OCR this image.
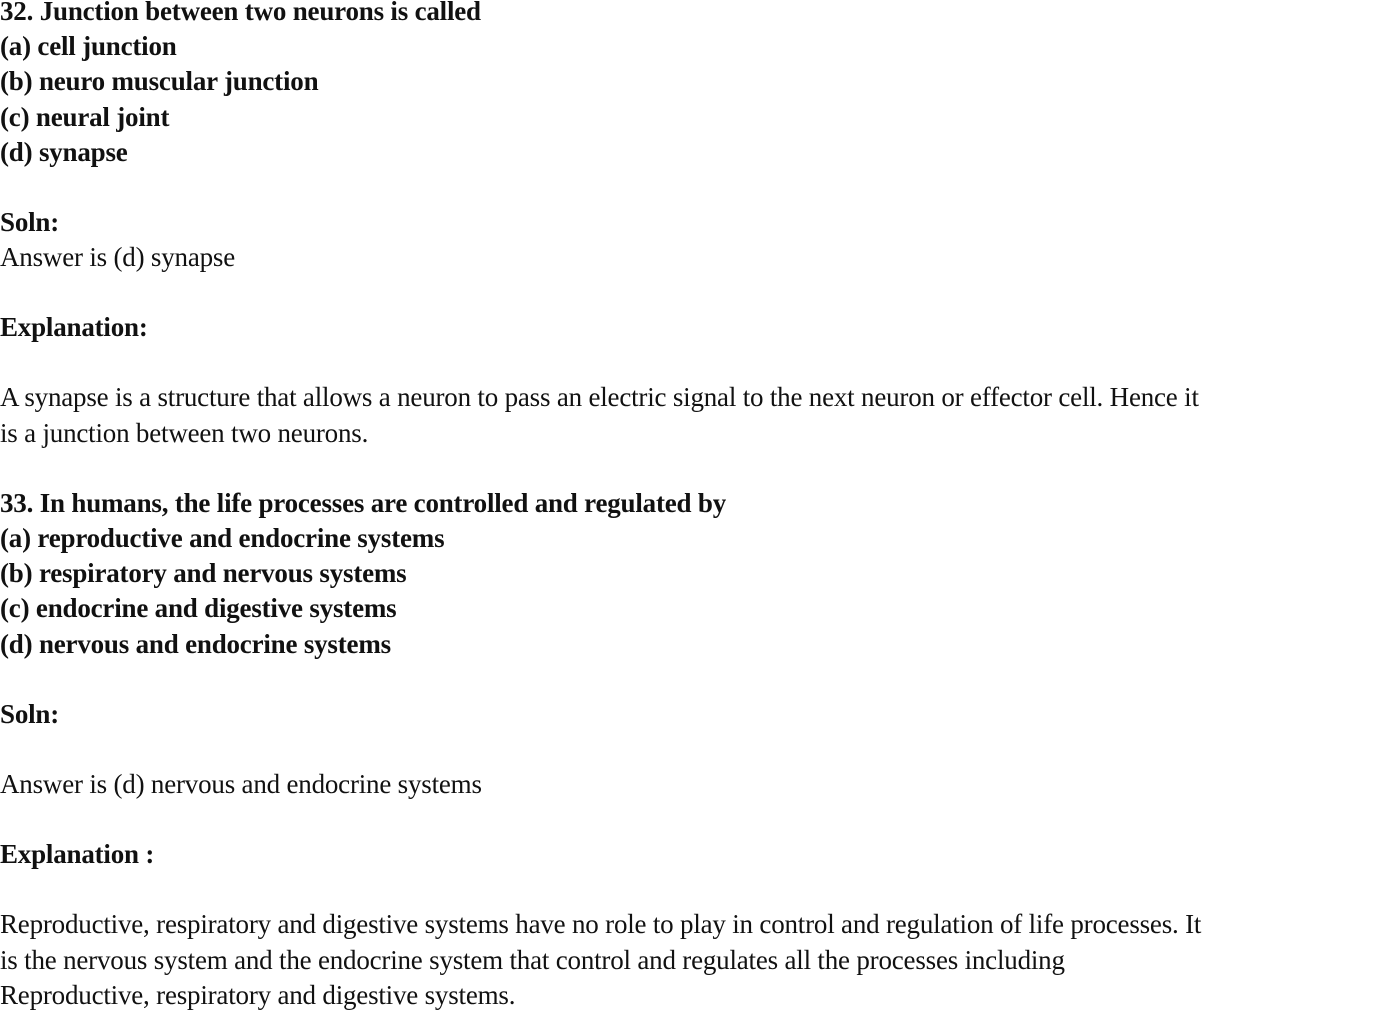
32. Junction between two neurons is called
(a) cell junction
(b) neuro muscular junction
(c) neural joint
(d) synapse
Soln:
Answer is (d) synapse
Explanation:
A synapse is a structure that allows a neuron to pass an electric signal to the next neuron or effector cell. Hence it
is a junction between two neurons.
33. In humans, the life processes are controlled and regulated by
(a) reproductive and endocrine systems
(b) respiratory and nervous systems
(c) endocrine and digestive systems
(d) nervous and endocrine systems
Soln:
Answer is (d) nervous and endocrine systems
Explanation :
Reproductive, respiratory and digestive systems have no role to play in control and regulation of life processes. It
is the nervous system and the endocrine system that control and regulates all the processes including
Reproductive, respiratory and digestive systems.
